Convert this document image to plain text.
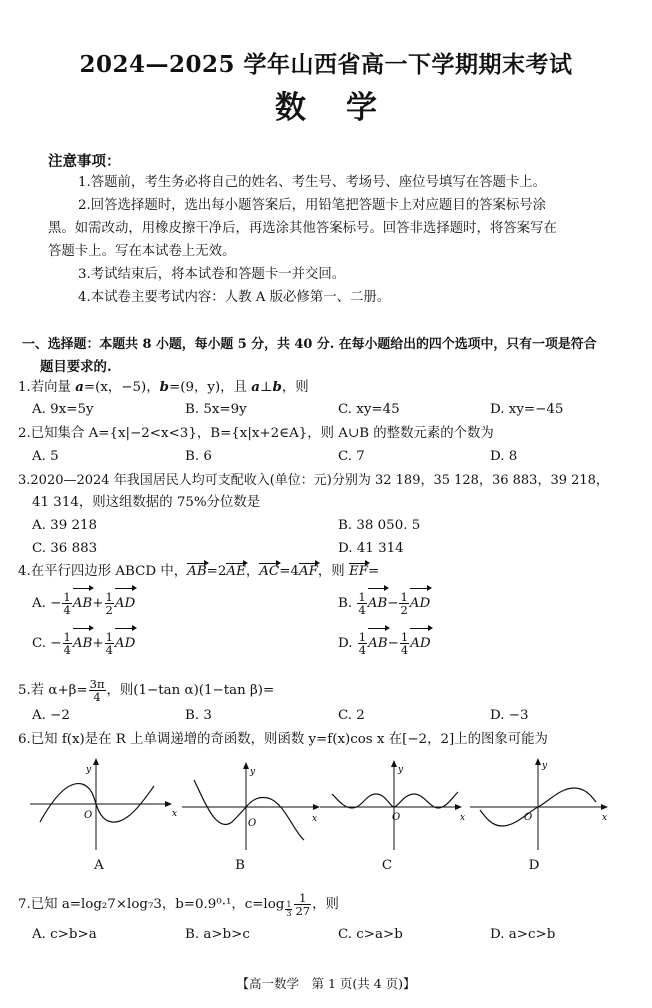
2024—2025 学年山西省高一下学期期末考试
数学
注意事项：
1.答题前，考生务必将自己的姓名、考生号、考场号、座位号填写在答题卡上。
2.回答选择题时，选出每小题答案后，用铅笔把答题卡上对应题目的答案标号涂
黑。如需改动，用橡皮擦干净后，再选涂其他答案标号。回答非选择题时，将答案写在
答题卡上。写在本试卷上无效。
3.考试结束后，将本试卷和答题卡一并交回。
4.本试卷主要考试内容：人教 A 版必修第一、二册。
一、选择题：本题共 8 小题，每小题 5 分，共 40 分. 在每小题给出的四个选项中，只有一项是符合
题目要求的.
1.若向量 a=(x，−5)，b=(9，y)，且 a⊥b，则
A. 9x=5y	B. 5x=9y	C. xy=45	D. xy=−45
2.已知集合 A={x|−2<x<3}，B={x|x+2∈A}，则 A∪B 的整数元素的个数为
A. 5	B. 6	C. 7	D. 8
3.2020—2024 年我国居民人均可支配收入(单位：元)分别为 32 189，35 128，36 883，39 218，
41 314，则这组数据的 75%分位数是
A. 39 218	B. 38 050. 5
C. 36 883	D. 41 314
4.在平行四边形 ABCD 中，AB=2AE，AC=4AF，则 EF=
A. − $\frac{1}{4} AB+ \frac{1}{2}$ AD	B. $\frac{1}{4} AB- \frac{1}{2}$ AD
C. − $\frac{1}{4} AB+ \frac{1}{4}$ AD	D. $\frac{1}{4} AB- \frac{1}{4}$ AD
5.若 $\alpha+\beta= \frac{3\pi}{4}$ ，则(1−tan α)(1−tan β)=
A. −2	B. 3	C. 2	D. −3
6.已知 f(x)是在 R 上单调递增的奇函数，则函数 y=f(x)cos x 在[−2，2]上的图象可能为
y
x
O
y
x
O
y
x
O
y
x
O
A	B	C	D
7.已知 a=log₂7×log₇3，b=0.9⁰·¹，c=log $_{\frac{1}{3}} \frac{1}{27}$ ，则
A. c>b>a	B. a>b>c	C. c>a>b	D. a>c>b
【高一数学　第 1 页(共 4 页)】
